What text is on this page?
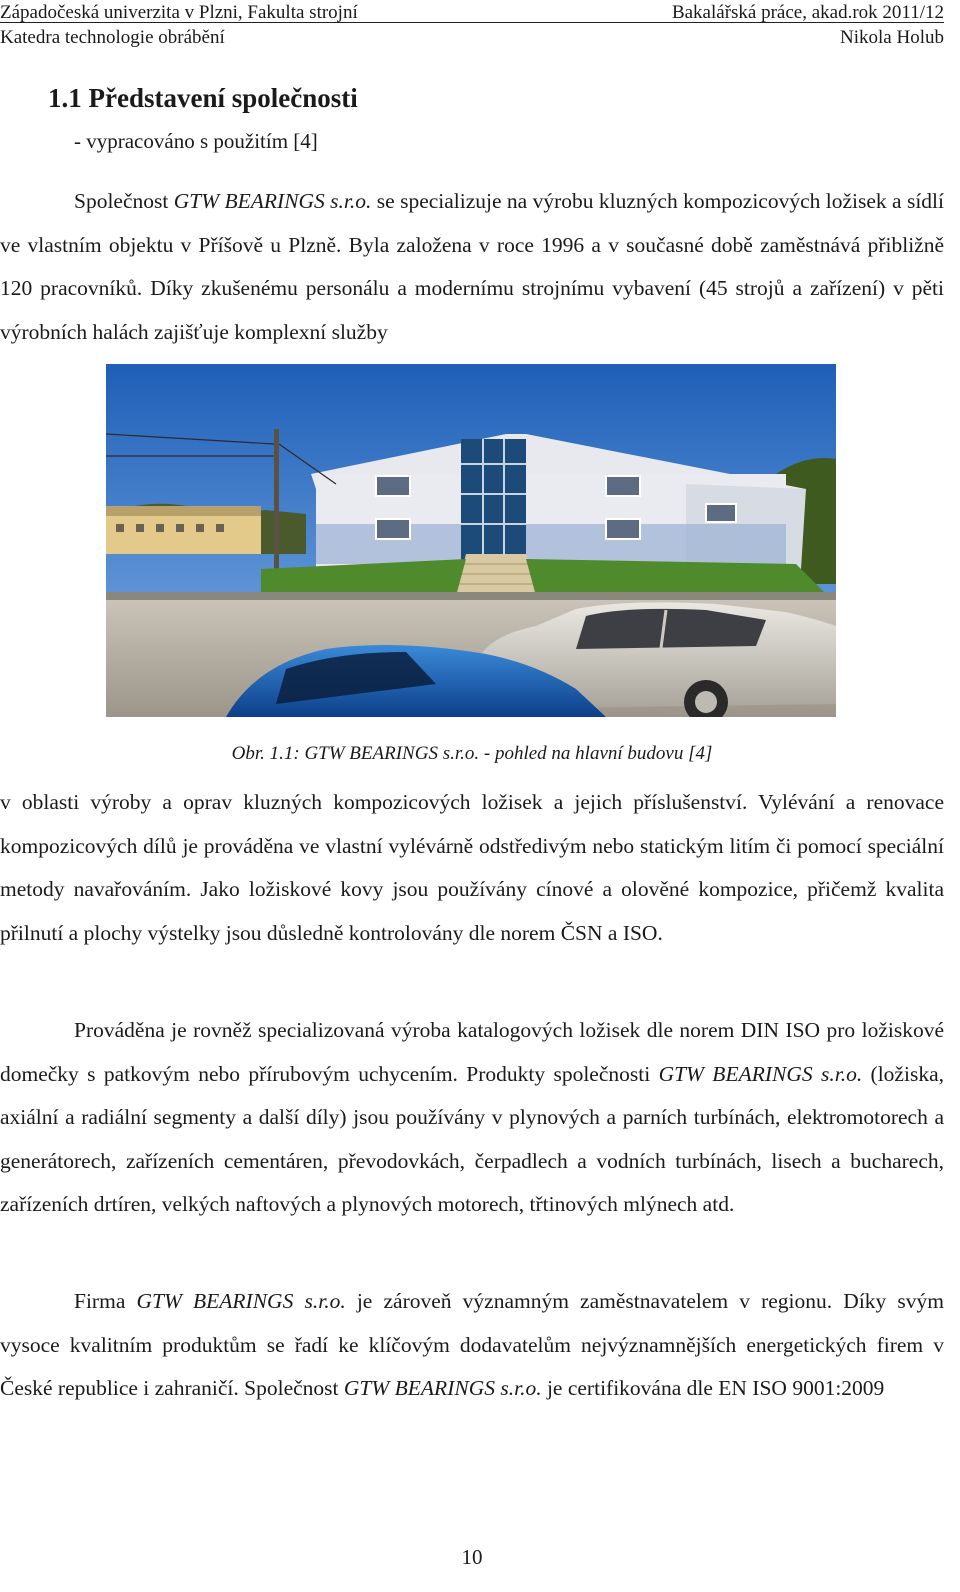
Západočeská univerzita v Plzni, Fakulta strojní	Bakalářská práce, akad.rok 2011/12
Katedra technologie obrábění	Nikola Holub
1.1 Představení společnosti
- vypracováno s použitím [4]

Společnost GTW BEARINGS s.r.o. se specializuje na výrobu kluzných kompozicových ložisek a sídlí ve vlastním objektu v Příšově u Plzně. Byla založena v roce 1996 a v současné době zaměstnává přibližně 120 pracovníků. Díky zkušenému personálu a modernímu strojnímu vybavení (45 strojů a zařízení) v pěti výrobních halách zajišťuje komplexní služby

Obr. 1.1: GTW BEARINGS s.r.o. - pohled na hlavní budovu [4]

v oblasti výroby a oprav kluzných kompozicových ložisek a jejich příslušenství. Vylévání a renovace kompozicových dílů je prováděna ve vlastní vylévárně odstředivým nebo statickým litím či pomocí speciální metody navařováním. Jako ložiskové kovy jsou používány cínové a olověné kompozice, přičemž kvalita přilnutí a plochy výstelky jsou důsledně kontrolovány dle norem ČSN a ISO.

Prováděna je rovněž specializovaná výroba katalogových ložisek dle norem DIN ISO pro ložiskové domečky s patkovým nebo přírubovým uchycením. Produkty společnosti GTW BEARINGS s.r.o. (ložiska, axiální a radiální segmenty a další díly) jsou používány v plynových a parních turbínách, elektromotorech a generátorech, zařízeních cementáren, převodovkách, čerpadlech a vodních turbínách, lisech a bucharech, zařízeních drtíren, velkých naftových a plynových motorech, třtinových mlýnech atd.

Firma GTW BEARINGS s.r.o. je zároveň významným zaměstnavatelem v regionu. Díky svým vysoce kvalitním produktům se řadí ke klíčovým dodavatelům nejvýznamnějších energetických firem v České republice i zahraničí. Společnost GTW BEARINGS s.r.o. je certifikována dle EN ISO 9001:2009

10
